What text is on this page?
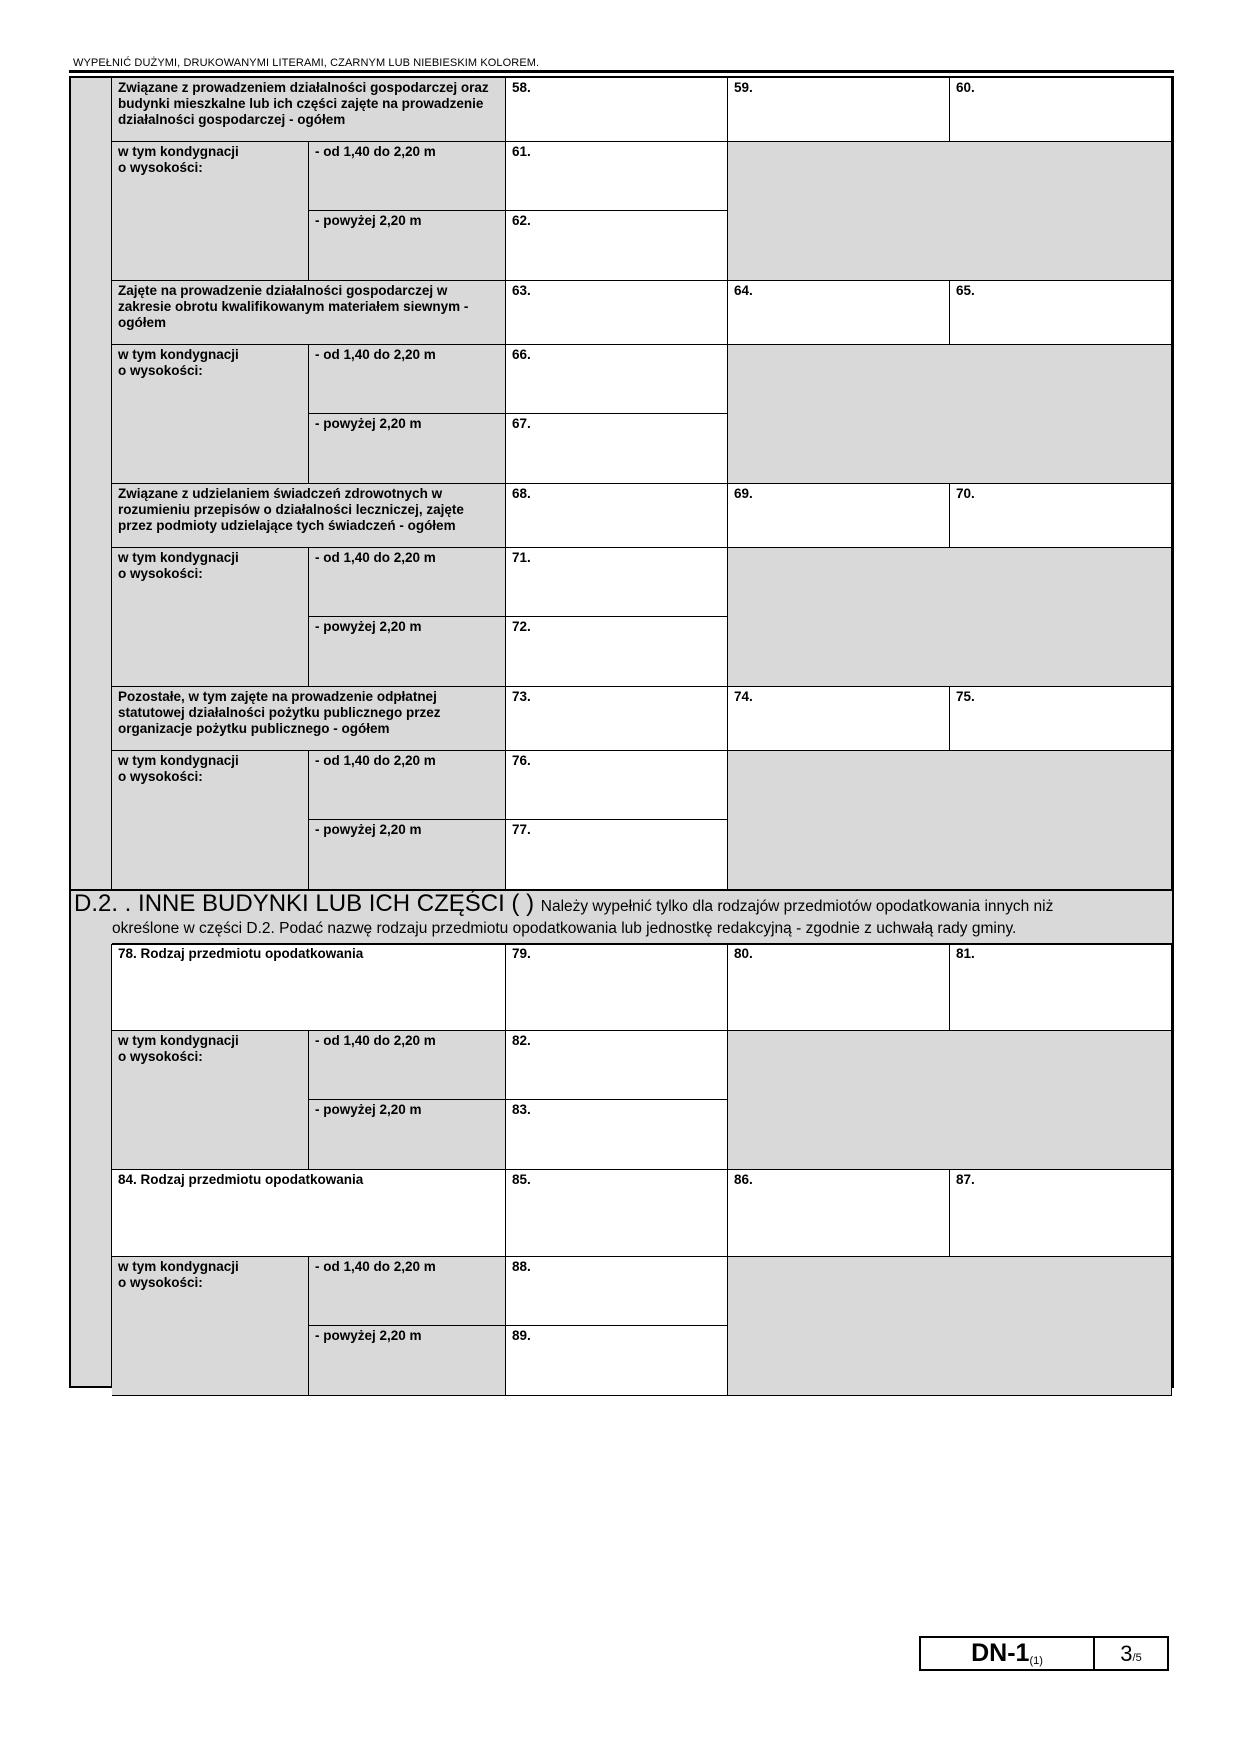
WYPEŁNIĆ DUŻYMI, DRUKOWANYMI LITERAMI, CZARNYM LUB NIEBIESKIM KOLOREM.
Związane z prowadzeniem działalności gospodarczej oraz budynki mieszkalne lub ich części zajęte na prowadzenie działalności gospodarczej - ogółem
58.	59.	60.
w tym kondygnacji
o wysokości:
- od 1,40 do 2,20 m	61.
- powyżej 2,20 m	62.
Zajęte na prowadzenie działalności gospodarczej w zakresie obrotu kwalifikowanym materiałem siewnym - ogółem
63.	64.	65.
w tym kondygnacji
o wysokości:
- od 1,40 do 2,20 m	66.
- powyżej 2,20 m	67.
Związane z udzielaniem świadczeń zdrowotnych w rozumieniu przepisów o działalności leczniczej, zajęte przez podmioty udzielające tych świadczeń - ogółem
68.	69.	70.
w tym kondygnacji
o wysokości:
- od 1,40 do 2,20 m	71.
- powyżej 2,20 m	72.
Pozostałe, w tym zajęte na prowadzenie odpłatnej statutowej działalności pożytku publicznego przez organizacje pożytku publicznego - ogółem
73.	74.	75.
w tym kondygnacji
o wysokości:
- od 1,40 do 2,20 m	76.
- powyżej 2,20 m	77.
78. Rodzaj przedmiotu opodatkowania	79.	80.	81.
w tym kondygnacji
o wysokości:
- od 1,40 do 2,20 m	82.
- powyżej 2,20 m	83.
84. Rodzaj przedmiotu opodatkowania	85.	86.	87.
w tym kondygnacji
o wysokości:
- od 1,40 do 2,20 m	88.
- powyżej 2,20 m	89.
D.2. . INNE BUDYNKI LUB ICH CZĘŚCI ( ) Należy wypełnić tylko dla rodzajów przedmiotów opodatkowania innych niż
określone w części D.2. Podać nazwę rodzaju przedmiotu opodatkowania lub jednostkę redakcyjną - zgodnie z uchwałą rady gminy.
$DN-1_{(1)}$	3/5
